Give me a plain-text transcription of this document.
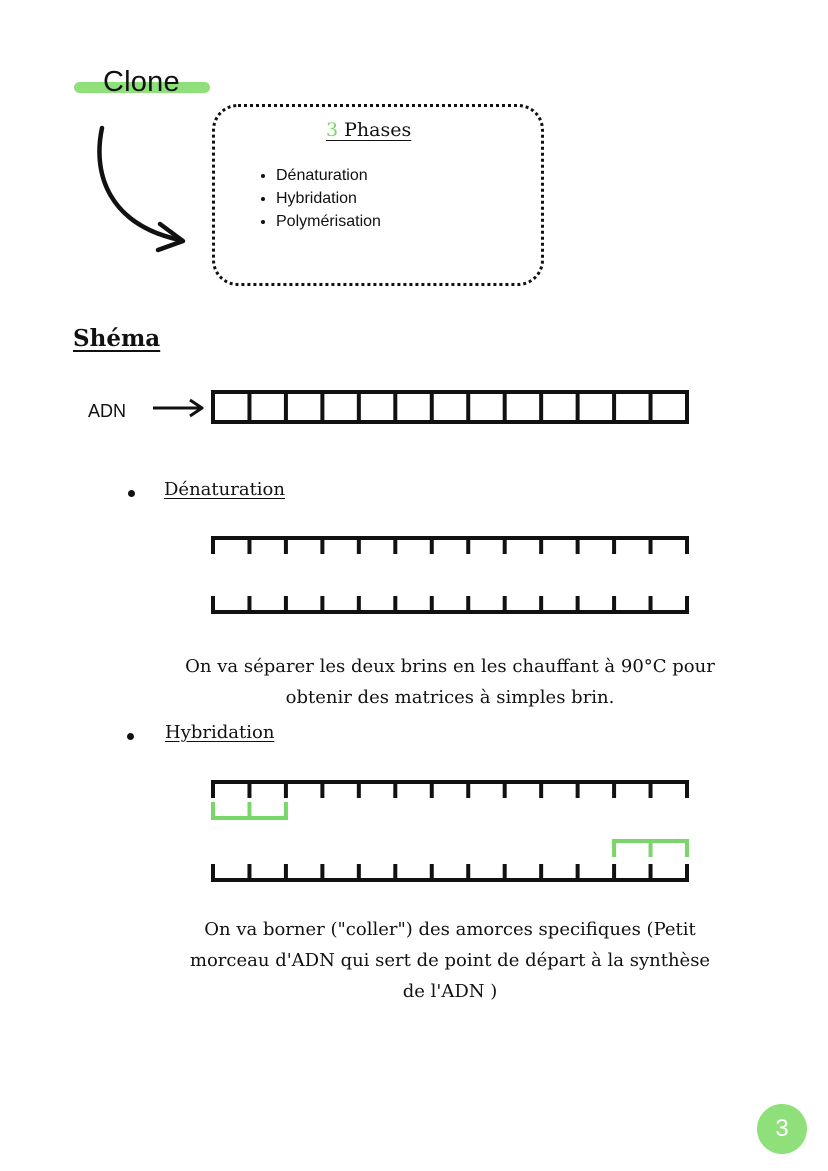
Clone
3 Phases
• Dénaturation
• Hybridation
• Polymérisation
Shéma
ADN
Dénaturation
On va séparer les deux brins en les chauffant à 90°C pour
obtenir des matrices à simples brin.
Hybridation
On va borner ("coller") des amorces specifiques (Petit
morceau d'ADN qui sert de point de départ à la synthèse
de l'ADN )
3
